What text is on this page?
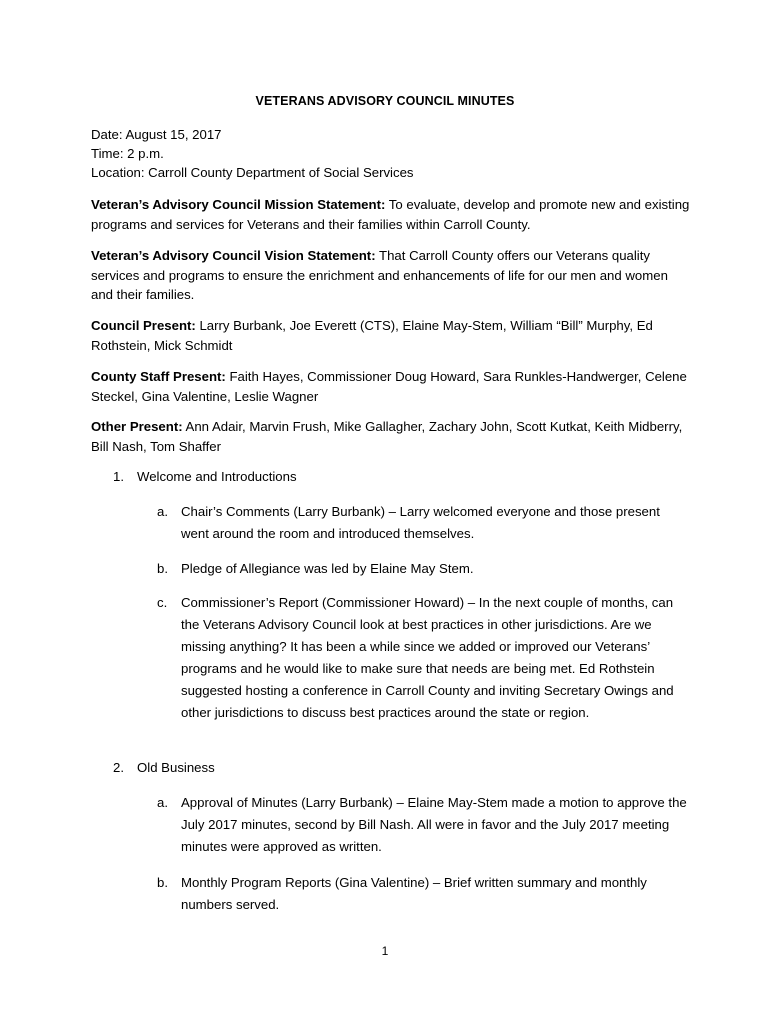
VETERANS ADVISORY COUNCIL MINUTES
Date: August 15, 2017
Time: 2 p.m.
Location: Carroll County Department of Social Services
Veteran’s Advisory Council Mission Statement: To evaluate, develop and promote new and existing programs and services for Veterans and their families within Carroll County.
Veteran’s Advisory Council Vision Statement: That Carroll County offers our Veterans quality services and programs to ensure the enrichment and enhancements of life for our men and women and their families.
Council Present: Larry Burbank, Joe Everett (CTS), Elaine May-Stem, William “Bill” Murphy, Ed Rothstein, Mick Schmidt
County Staff Present: Faith Hayes, Commissioner Doug Howard, Sara Runkles-Handwerger, Celene Steckel, Gina Valentine, Leslie Wagner
Other Present: Ann Adair, Marvin Frush, Mike Gallagher, Zachary John, Scott Kutkat, Keith Midberry, Bill Nash, Tom Shaffer
1. Welcome and Introductions
a. Chair’s Comments (Larry Burbank) – Larry welcomed everyone and those present went around the room and introduced themselves.
b. Pledge of Allegiance was led by Elaine May Stem.
c. Commissioner’s Report (Commissioner Howard) – In the next couple of months, can the Veterans Advisory Council look at best practices in other jurisdictions. Are we missing anything? It has been a while since we added or improved our Veterans’ programs and he would like to make sure that needs are being met. Ed Rothstein suggested hosting a conference in Carroll County and inviting Secretary Owings and other jurisdictions to discuss best practices around the state or region.
2. Old Business
a. Approval of Minutes (Larry Burbank) – Elaine May-Stem made a motion to approve the July 2017 minutes, second by Bill Nash. All were in favor and the July 2017 meeting minutes were approved as written.
b. Monthly Program Reports (Gina Valentine) – Brief written summary and monthly numbers served.
1
